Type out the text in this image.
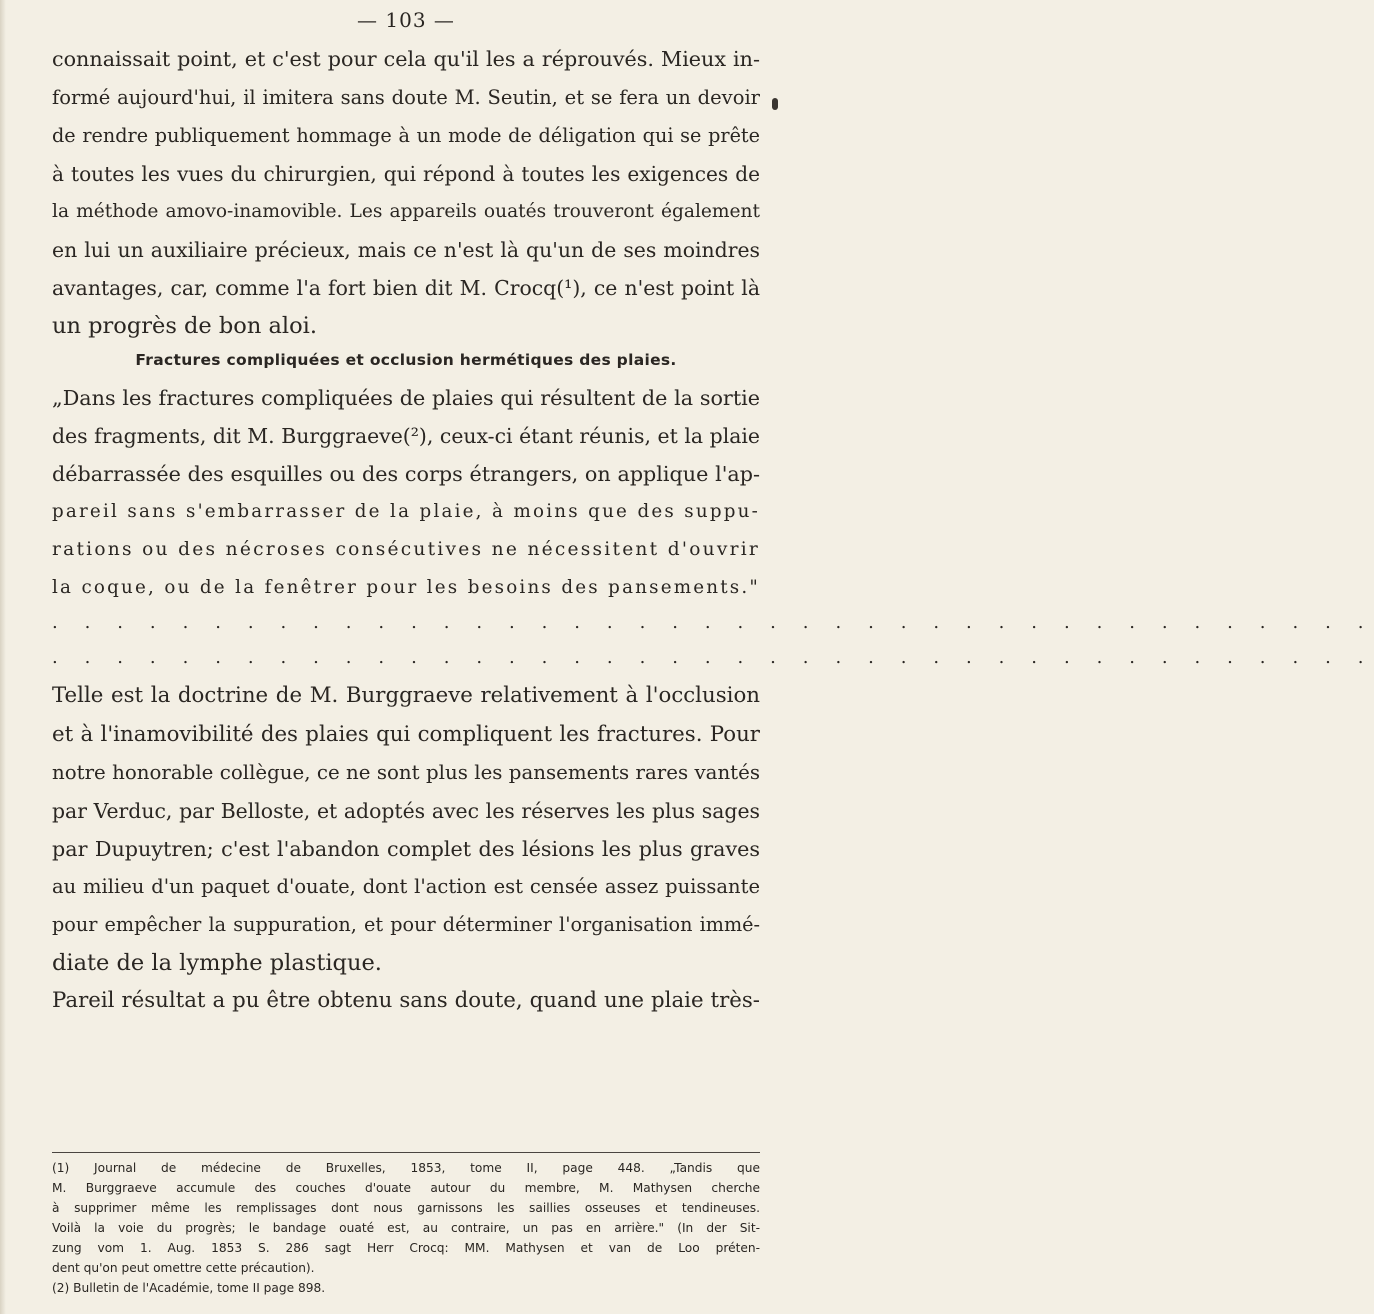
— 103 —
connaissait point, et c'est pour cela qu'il les a réprouvés. Mieux in-
formé aujourd'hui, il imitera sans doute M. Seutin, et se fera un devoir
de rendre publiquement hommage à un mode de déligation qui se prête
à toutes les vues du chirurgien, qui répond à toutes les exigences de
la méthode amovo-inamovible. Les appareils ouatés trouveront également
en lui un auxiliaire précieux, mais ce n'est là qu'un de ses moindres
avantages, car, comme l'a fort bien dit M. Crocq(¹), ce n'est point là
un progrès de bon aloi.
Fractures compliquées et occlusion hermétiques des plaies.
„Dans les fractures compliquées de plaies qui résultent de la sortie
des fragments, dit M. Burggraeve(²), ceux-ci étant réunis, et la plaie
débarrassée des esquilles ou des corps étrangers, on applique l'ap-
pareil sans s'embarrasser de la plaie, à moins que des suppu-
rations ou des nécroses consécutives ne nécessitent d'ouvrir
la coque, ou de la fenêtrer pour les besoins des pansements."
. . . . . . . . . . . . . . . . . . . . . . . . . . . . . . . . . . . . . . . . .
. . . . . . . . . . . . . . . . . . . . . . . . . . . . . . . . . . . . . . . . .
Telle est la doctrine de M. Burggraeve relativement à l'occlusion
et à l'inamovibilité des plaies qui compliquent les fractures. Pour
notre honorable collègue, ce ne sont plus les pansements rares vantés
par Verduc, par Belloste, et adoptés avec les réserves les plus sages
par Dupuytren; c'est l'abandon complet des lésions les plus graves
au milieu d'un paquet d'ouate, dont l'action est censée assez puissante
pour empêcher la suppuration, et pour déterminer l'organisation immé-
diate de la lymphe plastique.
Pareil résultat a pu être obtenu sans doute, quand une plaie très-
(1) Journal de médecine de Bruxelles, 1853, tome II, page 448. „Tandis que
M. Burggraeve accumule des couches d'ouate autour du membre, M. Mathysen cherche
à supprimer même les remplissages dont nous garnissons les saillies osseuses et tendineuses.
Voilà la voie du progrès; le bandage ouaté est, au contraire, un pas en arrière." (In der Sit-
zung vom 1. Aug. 1853 S. 286 sagt Herr Crocq: MM. Mathysen et van de Loo préten-
dent qu'on peut omettre cette précaution).
(2) Bulletin de l'Académie, tome II page 898.
